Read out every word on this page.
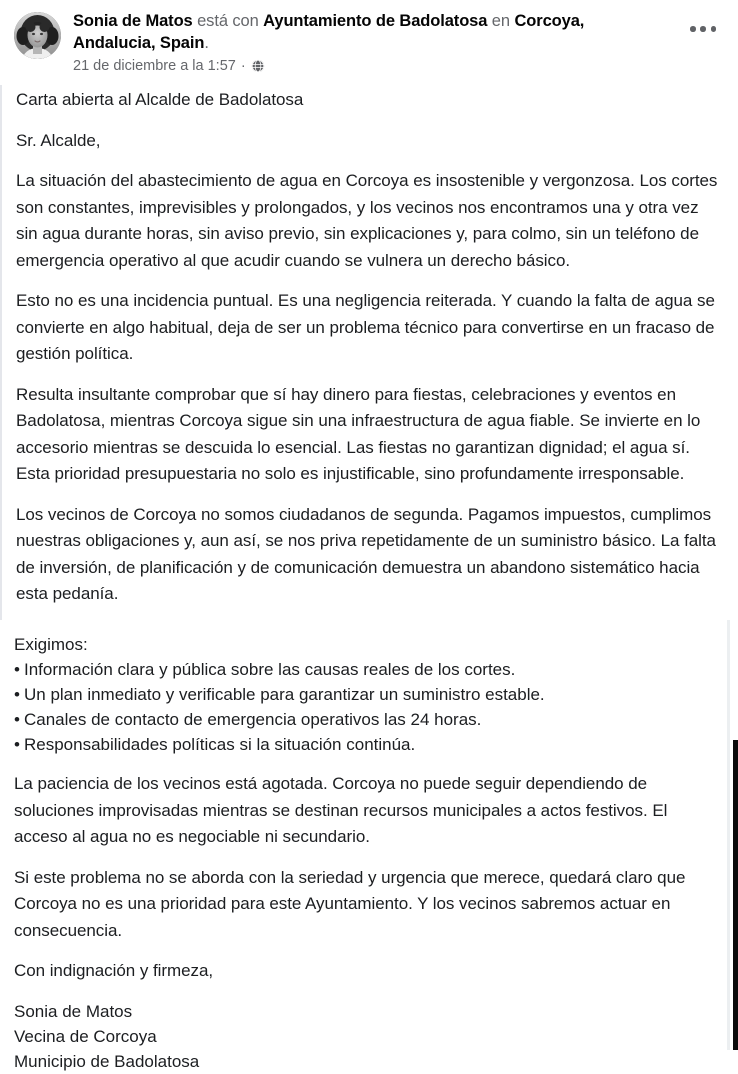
Sonia de Matos está con Ayuntamiento de Badolatosa en Corcoya, Andalucia, Spain.
21 de diciembre a la 1:57 ·

Carta abierta al Alcalde de Badolatosa

Sr. Alcalde,

La situación del abastecimiento de agua en Corcoya es insostenible y vergonzosa. Los cortes son constantes, imprevisibles y prolongados, y los vecinos nos encontramos una y otra vez sin agua durante horas, sin aviso previo, sin explicaciones y, para colmo, sin un teléfono de emergencia operativo al que acudir cuando se vulnera un derecho básico.

Esto no es una incidencia puntual. Es una negligencia reiterada. Y cuando la falta de agua se convierte en algo habitual, deja de ser un problema técnico para convertirse en un fracaso de gestión política.

Resulta insultante comprobar que sí hay dinero para fiestas, celebraciones y eventos en Badolatosa, mientras Corcoya sigue sin una infraestructura de agua fiable. Se invierte en lo accesorio mientras se descuida lo esencial. Las fiestas no garantizan dignidad; el agua sí. Esta prioridad presupuestaria no solo es injustificable, sino profundamente irresponsable.

Los vecinos de Corcoya no somos ciudadanos de segunda. Pagamos impuestos, cumplimos nuestras obligaciones y, aun así, se nos priva repetidamente de un suministro básico. La falta de inversión, de planificación y de comunicación demuestra un abandono sistemático hacia esta pedanía.

Exigimos:

• Información clara y pública sobre las causas reales de los cortes.
• Un plan inmediato y verificable para garantizar un suministro estable.
• Canales de contacto de emergencia operativos las 24 horas.
• Responsabilidades políticas si la situación continúa.

La paciencia de los vecinos está agotada. Corcoya no puede seguir dependiendo de soluciones improvisadas mientras se destinan recursos municipales a actos festivos. El acceso al agua no es negociable ni secundario.

Si este problema no se aborda con la seriedad y urgencia que merece, quedará claro que Corcoya no es una prioridad para este Ayuntamiento. Y los vecinos sabremos actuar en consecuencia.

Con indignación y firmeza,

Sonia de Matos
Vecina de Corcoya
Municipio de Badolatosa
